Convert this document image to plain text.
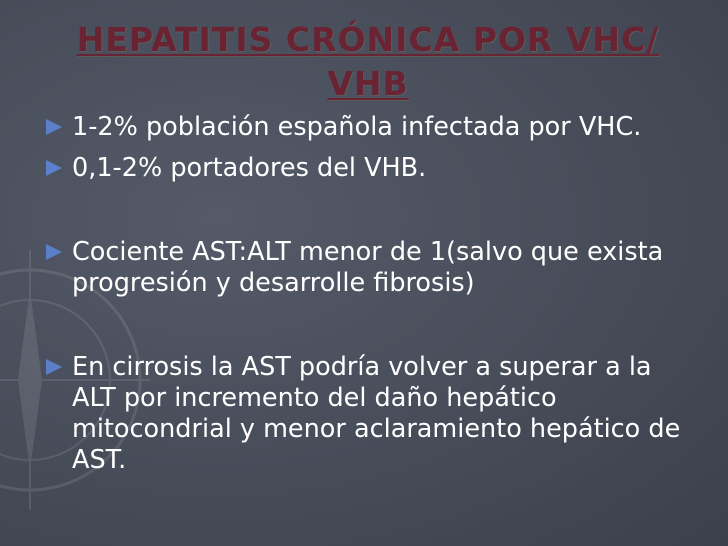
HEPATITIS CRÓNICA POR VHC/
VHB
1-2% población española infectada por VHC.
0,1-2% portadores del VHB.
Cociente AST:ALT menor de 1(salvo que exista progresión y desarrolle fibrosis)
En cirrosis la AST podría volver a superar a la ALT por incremento del daño hepático mitocondrial y menor aclaramiento hepático de AST.
